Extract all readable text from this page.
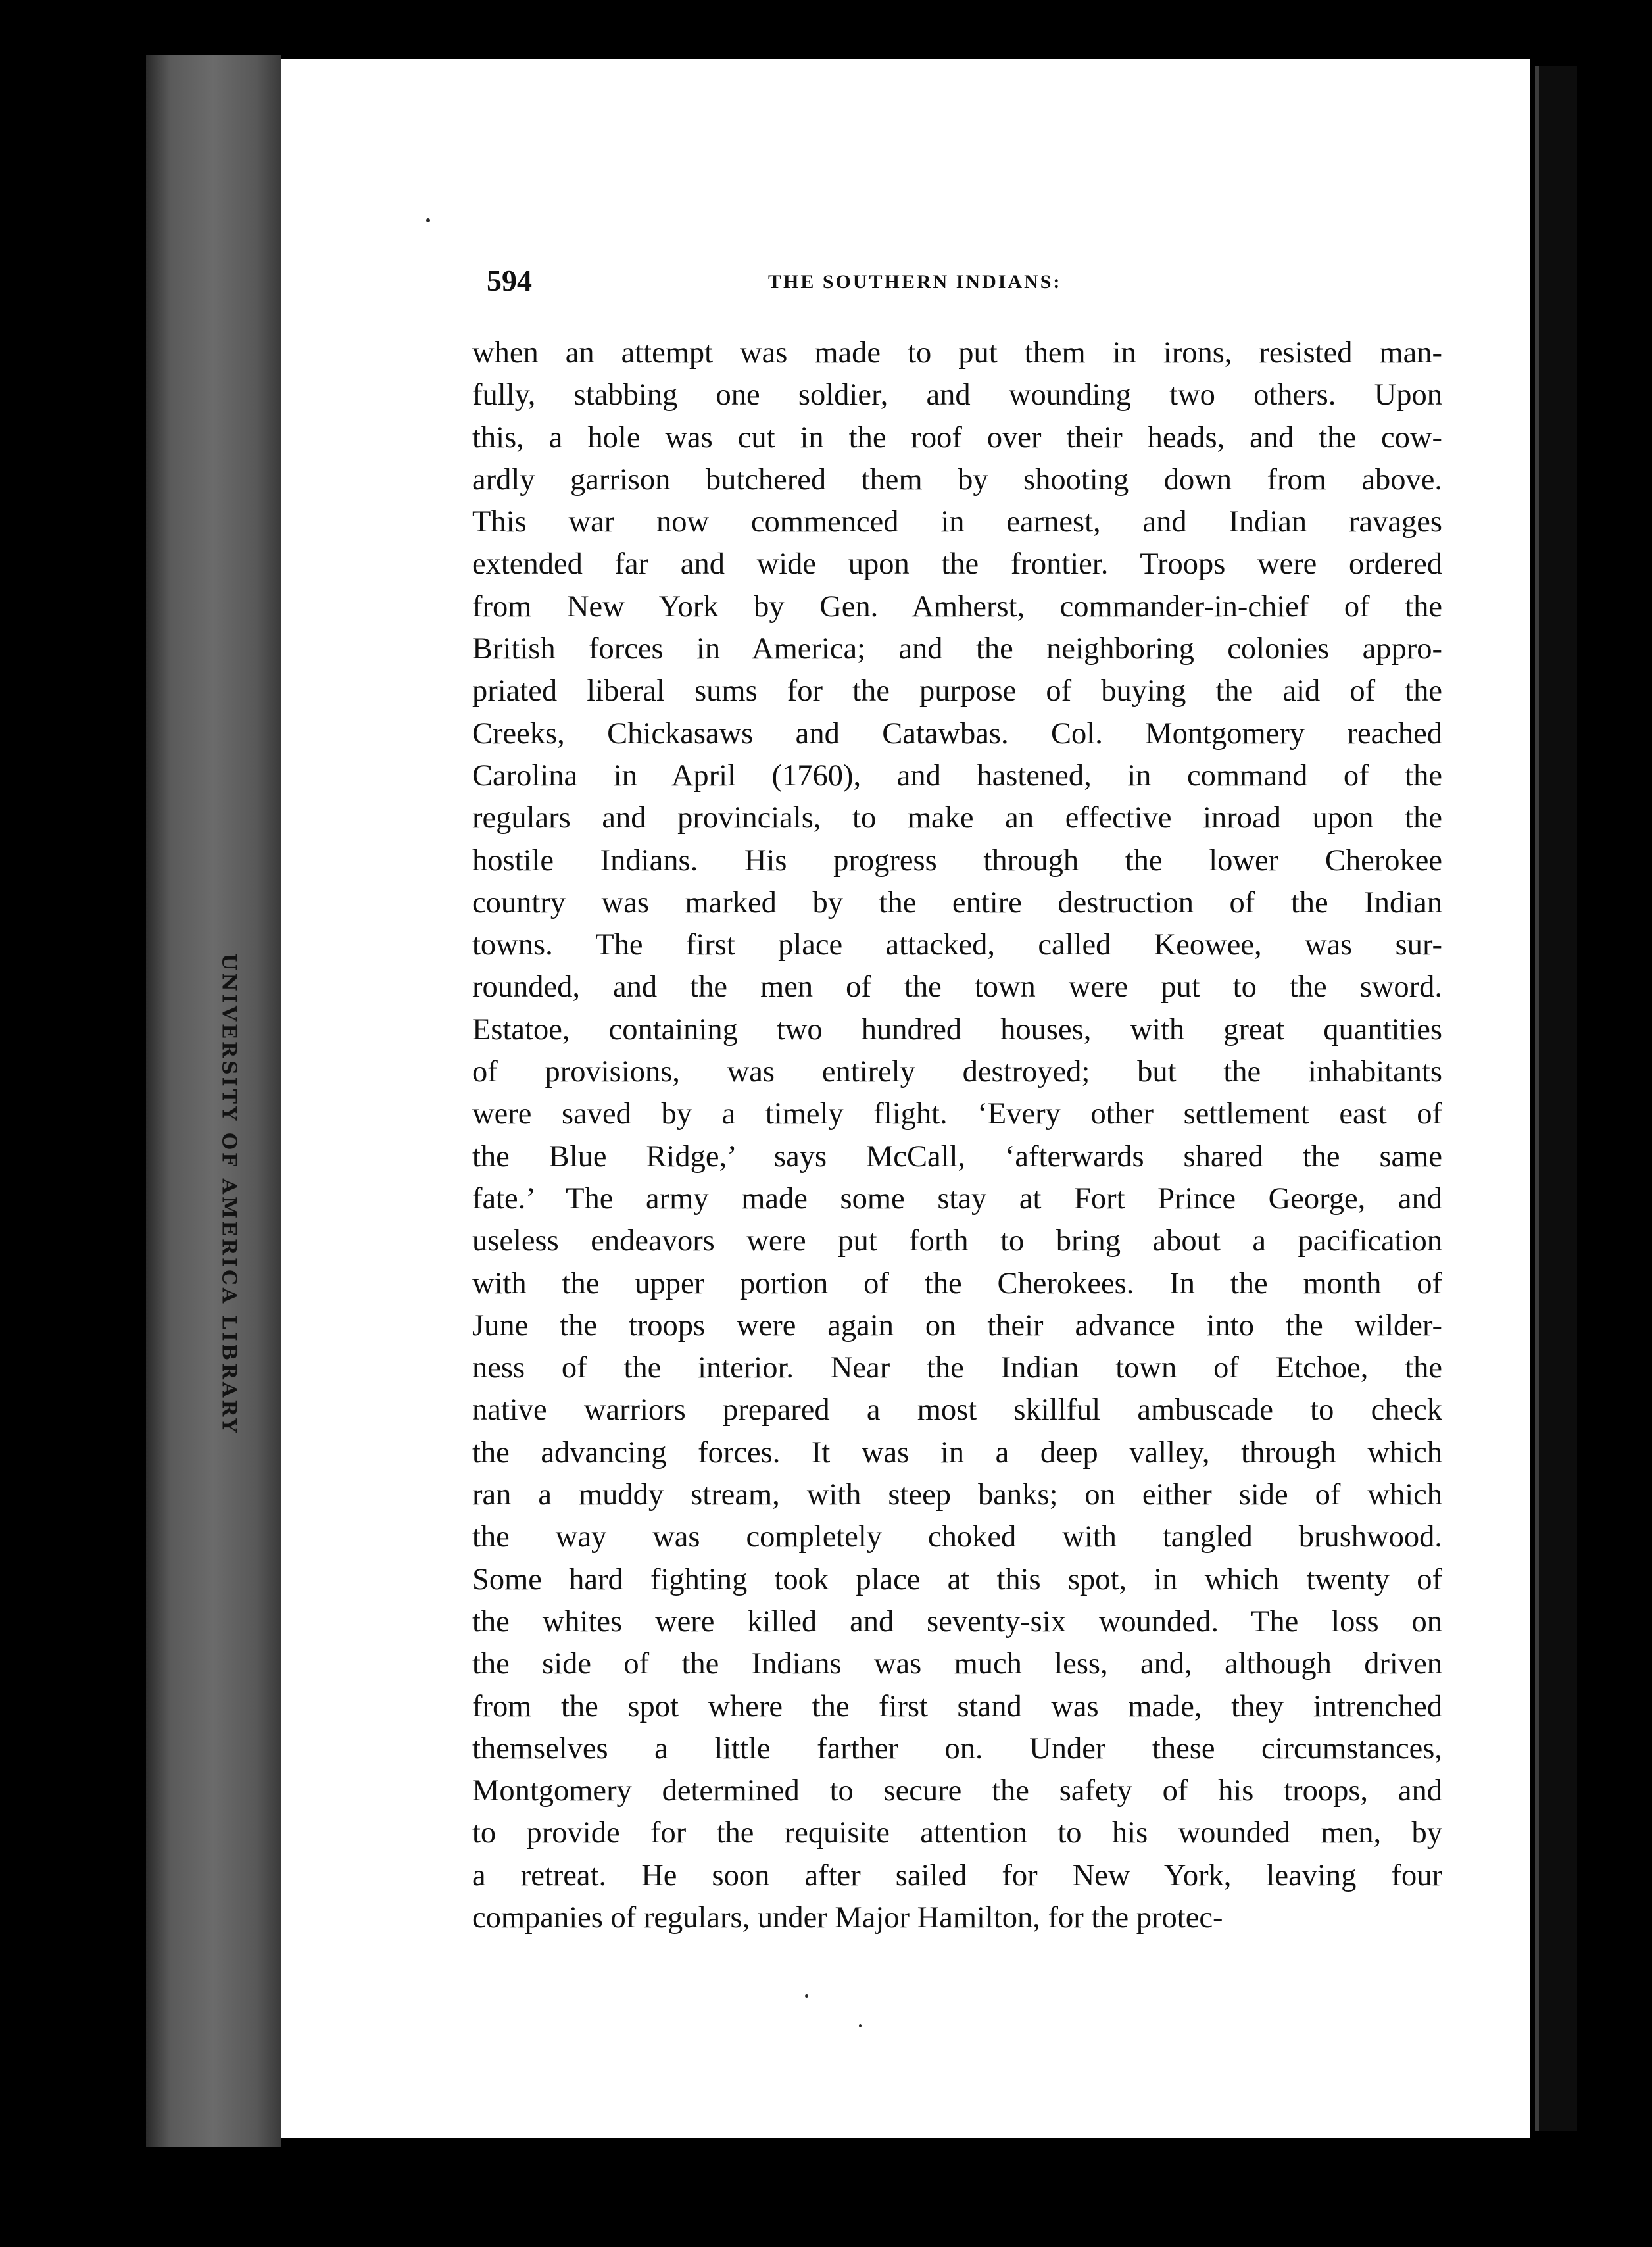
UNIVERSITY OF AMERICA LIBRARY
594	THE SOUTHERN INDIANS:
when an attempt was made to put them in irons, resisted man-
fully, stabbing one soldier, and wounding two others. Upon
this, a hole was cut in the roof over their heads, and the cow-
ardly garrison butchered them by shooting down from above.
This war now commenced in earnest, and Indian ravages
extended far and wide upon the frontier. Troops were ordered
from New York by Gen. Amherst, commander-in-chief of the
British forces in America; and the neighboring colonies appro-
priated liberal sums for the purpose of buying the aid of the
Creeks, Chickasaws and Catawbas. Col. Montgomery reached
Carolina in April (1760), and hastened, in command of the
regulars and provincials, to make an effective inroad upon the
hostile Indians. His progress through the lower Cherokee
country was marked by the entire destruction of the Indian
towns. The first place attacked, called Keowee, was sur-
rounded, and the men of the town were put to the sword.
Estatoe, containing two hundred houses, with great quantities
of provisions, was entirely destroyed; but the inhabitants
were saved by a timely flight. ‘Every other settlement east of
the Blue Ridge,’ says McCall, ‘afterwards shared the same
fate.’ The army made some stay at Fort Prince George, and
useless endeavors were put forth to bring about a pacification
with the upper portion of the Cherokees. In the month of
June the troops were again on their advance into the wilder-
ness of the interior. Near the Indian town of Etchoe, the
native warriors prepared a most skillful ambuscade to check
the advancing forces. It was in a deep valley, through which
ran a muddy stream, with steep banks; on either side of which
the way was completely choked with tangled brushwood.
Some hard fighting took place at this spot, in which twenty of
the whites were killed and seventy-six wounded. The loss on
the side of the Indians was much less, and, although driven
from the spot where the first stand was made, they intrenched
themselves a little farther on. Under these circumstances,
Montgomery determined to secure the safety of his troops, and
to provide for the requisite attention to his wounded men, by
a retreat. He soon after sailed for New York, leaving four
companies of regulars, under Major Hamilton, for the protec-
